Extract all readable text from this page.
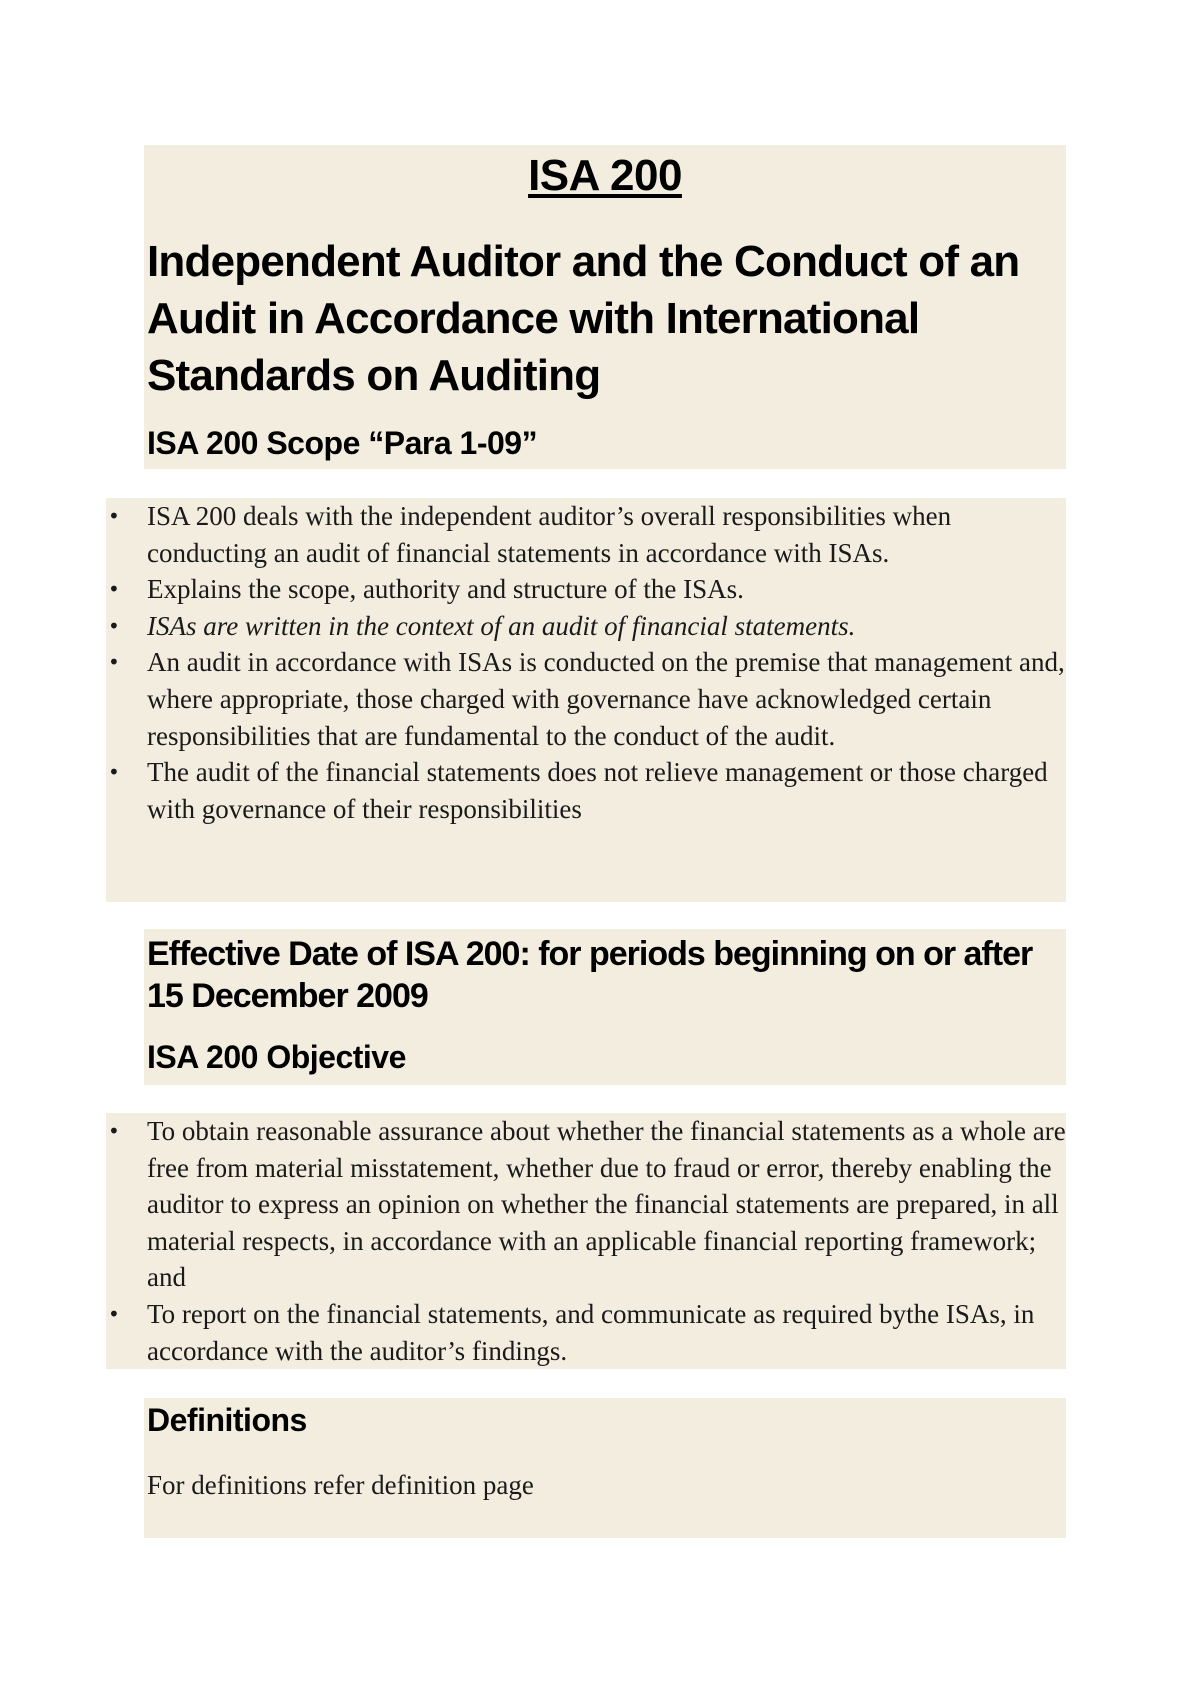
ISA 200
Independent Auditor and the Conduct of an Audit in Accordance with International Standards on Auditing
ISA 200 Scope “Para 1-09”
• ISA 200 deals with the independent auditor’s overall responsibilities when conducting an audit of financial statements in accordance with ISAs.
• Explains the scope, authority and structure of the ISAs.
• ISAs are written in the context of an audit of financial statements.
• An audit in accordance with ISAs is conducted on the premise that management and, where appropriate, those charged with governance have acknowledged certain responsibilities that are fundamental to the conduct of the audit.
• The audit of the financial statements does not relieve management or those charged with governance of their responsibilities
Effective Date of ISA 200: for periods beginning on or after 15 December 2009
ISA 200 Objective
• To obtain reasonable assurance about whether the financial statements as a whole are free from material misstatement, whether due to fraud or error, thereby enabling the auditor to express an opinion on whether the financial statements are prepared, in all material respects, in accordance with an applicable financial reporting framework; and
• To report on the financial statements, and communicate as required bythe ISAs, in accordance with the auditor’s findings.
Definitions

For definitions refer definition page
